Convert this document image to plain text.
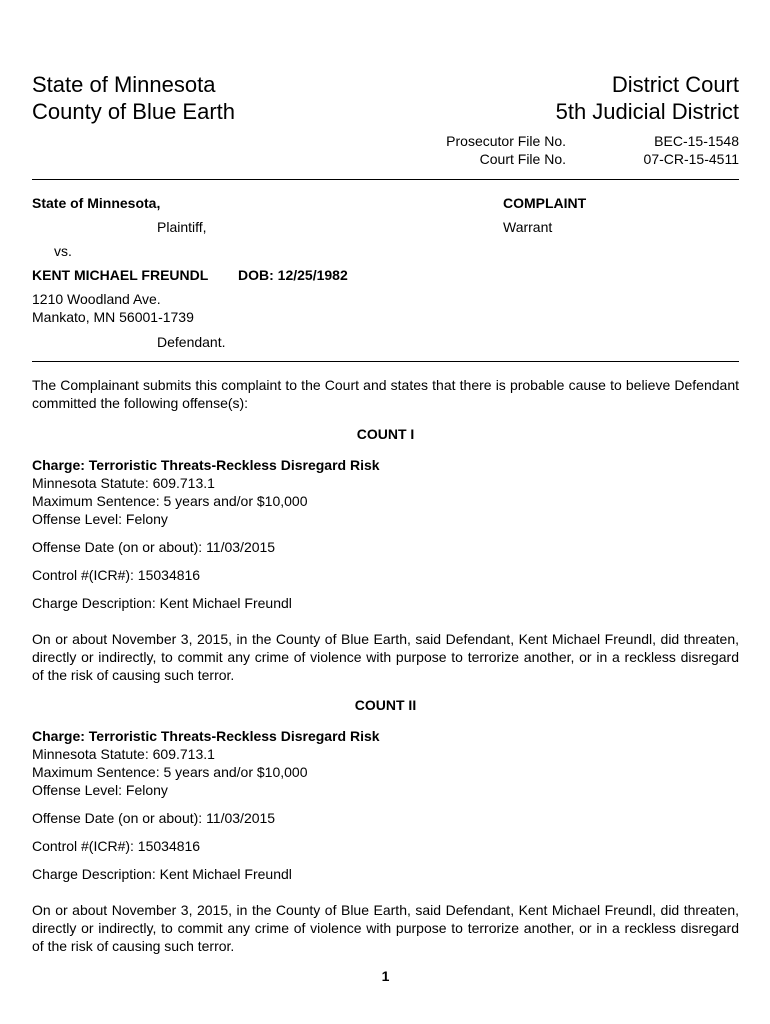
State of Minnesota
County of Blue Earth
District Court
5th Judicial District
Prosecutor File No.	BEC-15-1548
Court File No.	07-CR-15-4511
State of Minnesota,
Plaintiff,
vs.
KENT MICHAEL FREUNDL DOB: 12/25/1982
1210 Woodland Ave.
Mankato, MN 56001-1739
Defendant.
COMPLAINT
Warrant
The Complainant submits this complaint to the Court and states that there is probable cause to believe Defendant committed the following offense(s):
COUNT I
Charge: Terroristic Threats-Reckless Disregard Risk
Minnesota Statute: 609.713.1
Maximum Sentence: 5 years and/or $10,000
Offense Level: Felony
Offense Date (on or about): 11/03/2015
Control #(ICR#): 15034816
Charge Description: Kent Michael Freundl
On or about November 3, 2015, in the County of Blue Earth, said Defendant, Kent Michael Freundl, did threaten, directly or indirectly, to commit any crime of violence with purpose to terrorize another, or in a reckless disregard of the risk of causing such terror.
COUNT II
Charge: Terroristic Threats-Reckless Disregard Risk
Minnesota Statute: 609.713.1
Maximum Sentence: 5 years and/or $10,000
Offense Level: Felony
Offense Date (on or about): 11/03/2015
Control #(ICR#): 15034816
Charge Description: Kent Michael Freundl
On or about November 3, 2015, in the County of Blue Earth, said Defendant, Kent Michael Freundl, did threaten, directly or indirectly, to commit any crime of violence with purpose to terrorize another, or in a reckless disregard of the risk of causing such terror.
1
